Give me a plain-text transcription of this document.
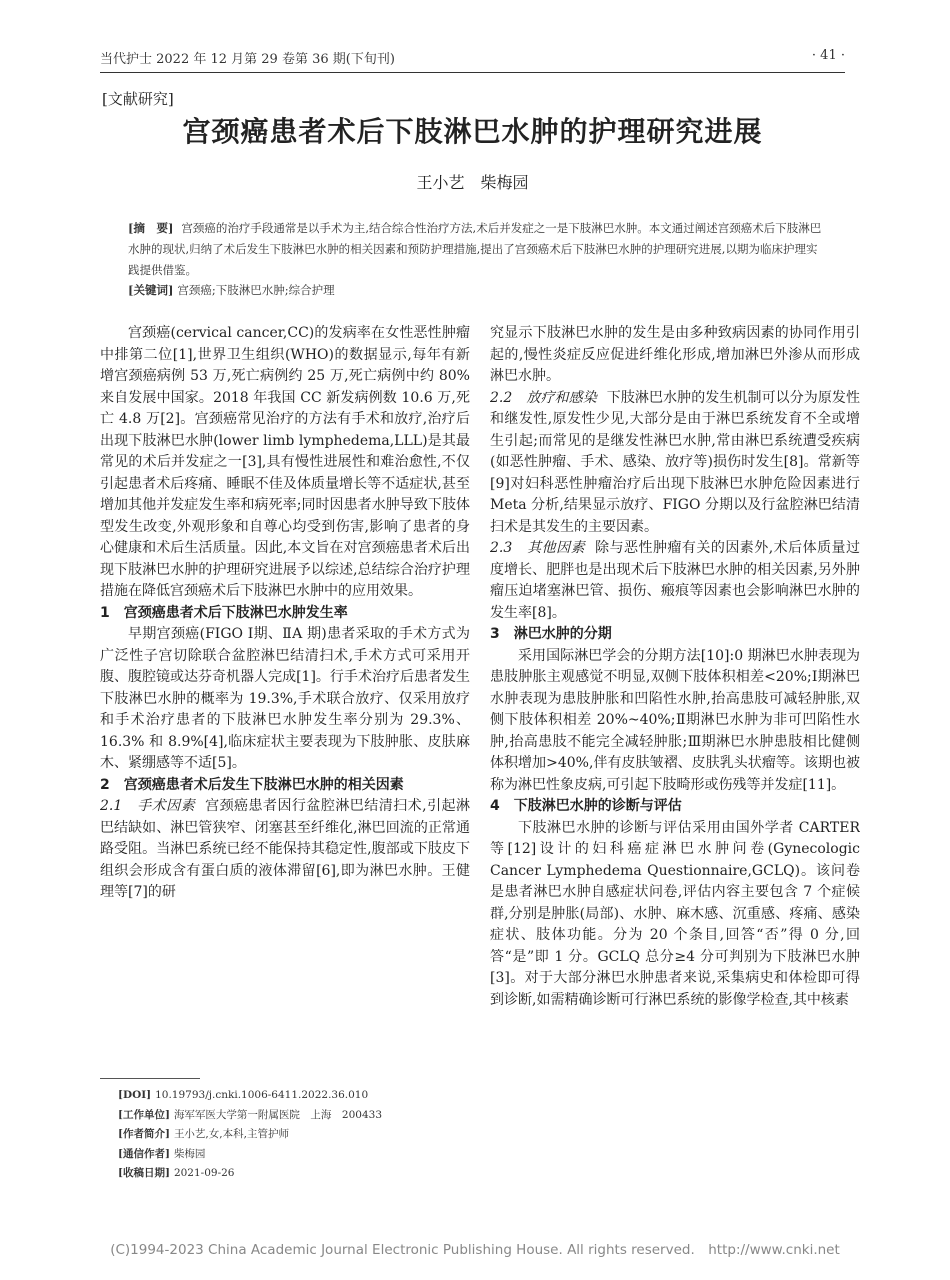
当代护士 2022 年 12 月第 29 卷第 36 期(下旬刊)	· 41 ·
[文献研究]
宫颈癌患者术后下肢淋巴水肿的护理研究进展
王小艺　柴梅园
[摘　要] 宫颈癌的治疗手段通常是以手术为主,结合综合性治疗方法,术后并发症之一是下肢淋巴水肿。本文通过阐述宫颈癌术后下肢淋巴水肿的现状,归纳了术后发生下肢淋巴水肿的相关因素和预防护理措施,提出了宫颈癌术后下肢淋巴水肿的护理研究进展,以期为临床护理实践提供借鉴。
[关键词] 宫颈癌;下肢淋巴水肿;综合护理

宫颈癌(cervical cancer,CC)的发病率在女性恶性肿瘤中排第二位[1],世界卫生组织(WHO)的数据显示,每年有新增宫颈癌病例 53 万,死亡病例约 25 万,死亡病例中约 80%来自发展中国家。2018 年我国 CC 新发病例数 10.6 万,死亡 4.8 万[2]。宫颈癌常见治疗的方法有手术和放疗,治疗后出现下肢淋巴水肿(lower limb lymphedema,LLL)是其最常见的术后并发症之一[3],具有慢性进展性和难治愈性,不仅引起患者术后疼痛、睡眠不佳及体质量增长等不适症状,甚至增加其他并发症发生率和病死率;同时因患者水肿导致下肢体型发生改变,外观形象和自尊心均受到伤害,影响了患者的身心健康和术后生活质量。因此,本文旨在对宫颈癌患者术后出现下肢淋巴水肿的护理研究进展予以综述,总结综合治疗护理措施在降低宫颈癌术后下肢淋巴水肿中的应用效果。

1　宫颈癌患者术后下肢淋巴水肿发生率

早期宫颈癌(FIGO Ⅰ期、ⅡA 期)患者采取的手术方式为广泛性子宫切除联合盆腔淋巴结清扫术,手术方式可采用开腹、腹腔镜或达芬奇机器人完成[1]。行手术治疗后患者发生下肢淋巴水肿的概率为 19.3%,手术联合放疗、仅采用放疗和手术治疗患者的下肢淋巴水肿发生率分别为 29.3%、16.3% 和 8.9%[4],临床症状主要表现为下肢肿胀、皮肤麻木、紧绷感等不适[5]。

2　宫颈癌患者术后发生下肢淋巴水肿的相关因素

2.1　手术因素 宫颈癌患者因行盆腔淋巴结清扫术,引起淋巴结缺如、淋巴管狭窄、闭塞甚至纤维化,淋巴回流的正常通路受阻。当淋巴系统已经不能保持其稳定性,腹部或下肢皮下组织会形成含有蛋白质的液体滞留[6],即为淋巴水肿。王健理等[7]的研

究显示下肢淋巴水肿的发生是由多种致病因素的协同作用引起的,慢性炎症反应促进纤维化形成,增加淋巴外渗从而形成淋巴水肿。

2.2　放疗和感染 下肢淋巴水肿的发生机制可以分为原发性和继发性,原发性少见,大部分是由于淋巴系统发育不全或增生引起;而常见的是继发性淋巴水肿,常由淋巴系统遭受疾病(如恶性肿瘤、手术、感染、放疗等)损伤时发生[8]。常新等[9]对妇科恶性肿瘤治疗后出现下肢淋巴水肿危险因素进行 Meta 分析,结果显示放疗、FIGO 分期以及行盆腔淋巴结清扫术是其发生的主要因素。

2.3　其他因素 除与恶性肿瘤有关的因素外,术后体质量过度增长、肥胖也是出现术后下肢淋巴水肿的相关因素,另外肿瘤压迫堵塞淋巴管、损伤、瘢痕等因素也会影响淋巴水肿的发生率[8]。

3　淋巴水肿的分期

采用国际淋巴学会的分期方法[10]:0 期淋巴水肿表现为患肢肿胀主观感觉不明显,双侧下肢体积相差<20%;Ⅰ期淋巴水肿表现为患肢肿胀和凹陷性水肿,抬高患肢可减轻肿胀,双侧下肢体积相差 20%~40%;Ⅱ期淋巴水肿为非可凹陷性水肿,抬高患肢不能完全减轻肿胀;Ⅲ期淋巴水肿患肢相比健侧体积增加>40%,伴有皮肤皱褶、皮肤乳头状瘤等。该期也被称为淋巴性象皮病,可引起下肢畸形或伤残等并发症[11]。

4　下肢淋巴水肿的诊断与评估

下肢淋巴水肿的诊断与评估采用由国外学者 CARTER 等[12]设计的妇科癌症淋巴水肿问卷(Gynecologic Cancer Lymphedema Questionnaire,GCLQ)。该问卷是患者淋巴水肿自感症状问卷,评估内容主要包含 7 个症候群,分别是肿胀(局部)、水肿、麻木感、沉重感、疼痛、感染症状、肢体功能。分为 20 个条目,回答“否”得 0 分,回答“是”即 1 分。GCLQ 总分≥4 分可判别为下肢淋巴水肿[3]。对于大部分淋巴水肿患者来说,采集病史和体检即可得到诊断,如需精确诊断可行淋巴系统的影像学检查,其中核素

[DOI] 10.19793/j.cnki.1006-6411.2022.36.010
[工作单位] 海军军医大学第一附属医院　上海　200433
[作者简介] 王小艺,女,本科,主管护师
[通信作者] 柴梅园
[收稿日期] 2021-09-26
(C)1994-2023 China Academic Journal Electronic Publishing House. All rights reserved.　http://www.cnki.net
